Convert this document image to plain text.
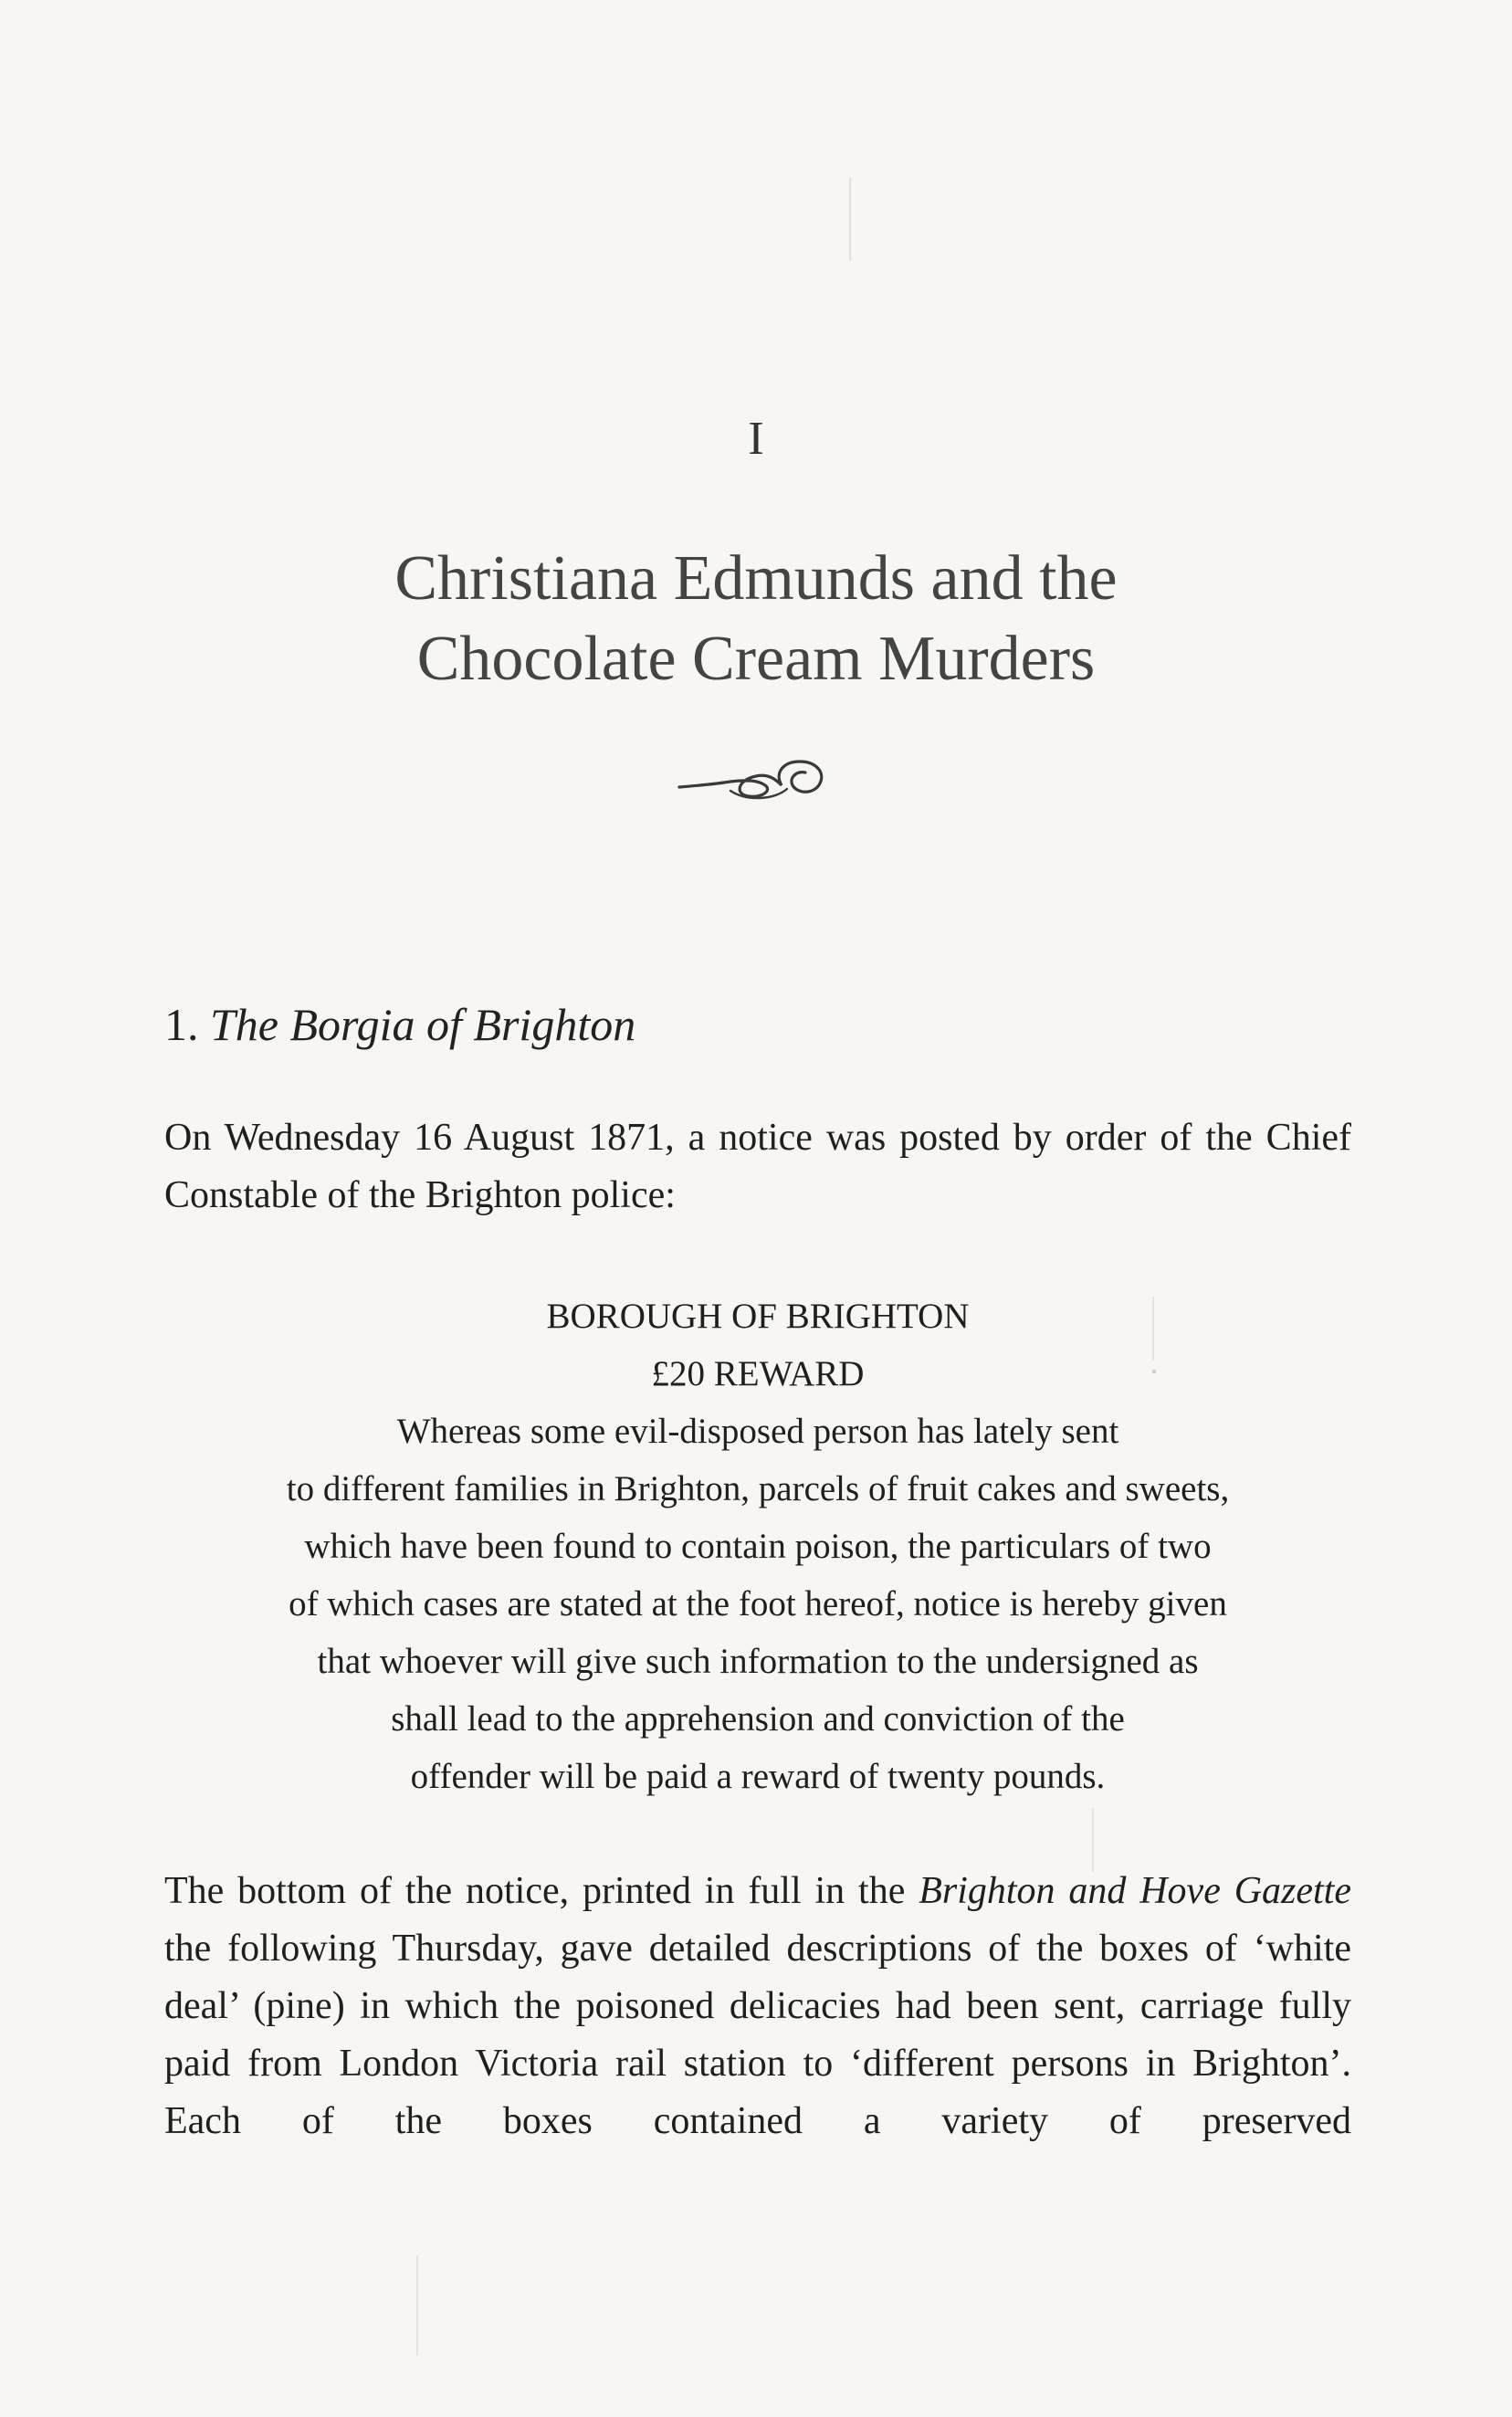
I
Christiana Edmunds and the
Chocolate Cream Murders
1. The Borgia of Brighton

On Wednesday 16 August 1871, a notice was posted by order of the Chief Constable of the Brighton police:

BOROUGH OF BRIGHTON
£20 REWARD
Whereas some evil-disposed person has lately sent
to different families in Brighton, parcels of fruit cakes and sweets,
which have been found to contain poison, the particulars of two
of which cases are stated at the foot hereof, notice is hereby given
that whoever will give such information to the undersigned as
shall lead to the apprehension and conviction of the
offender will be paid a reward of twenty pounds.

The bottom of the notice, printed in full in the Brighton and Hove Gazette the following Thursday, gave detailed descriptions of the boxes of ‘white deal’ (pine) in which the poisoned delicacies had been sent, carriage fully paid from London Victoria rail station to ‘different persons in Brighton’. Each of the boxes contained a variety of preserved
